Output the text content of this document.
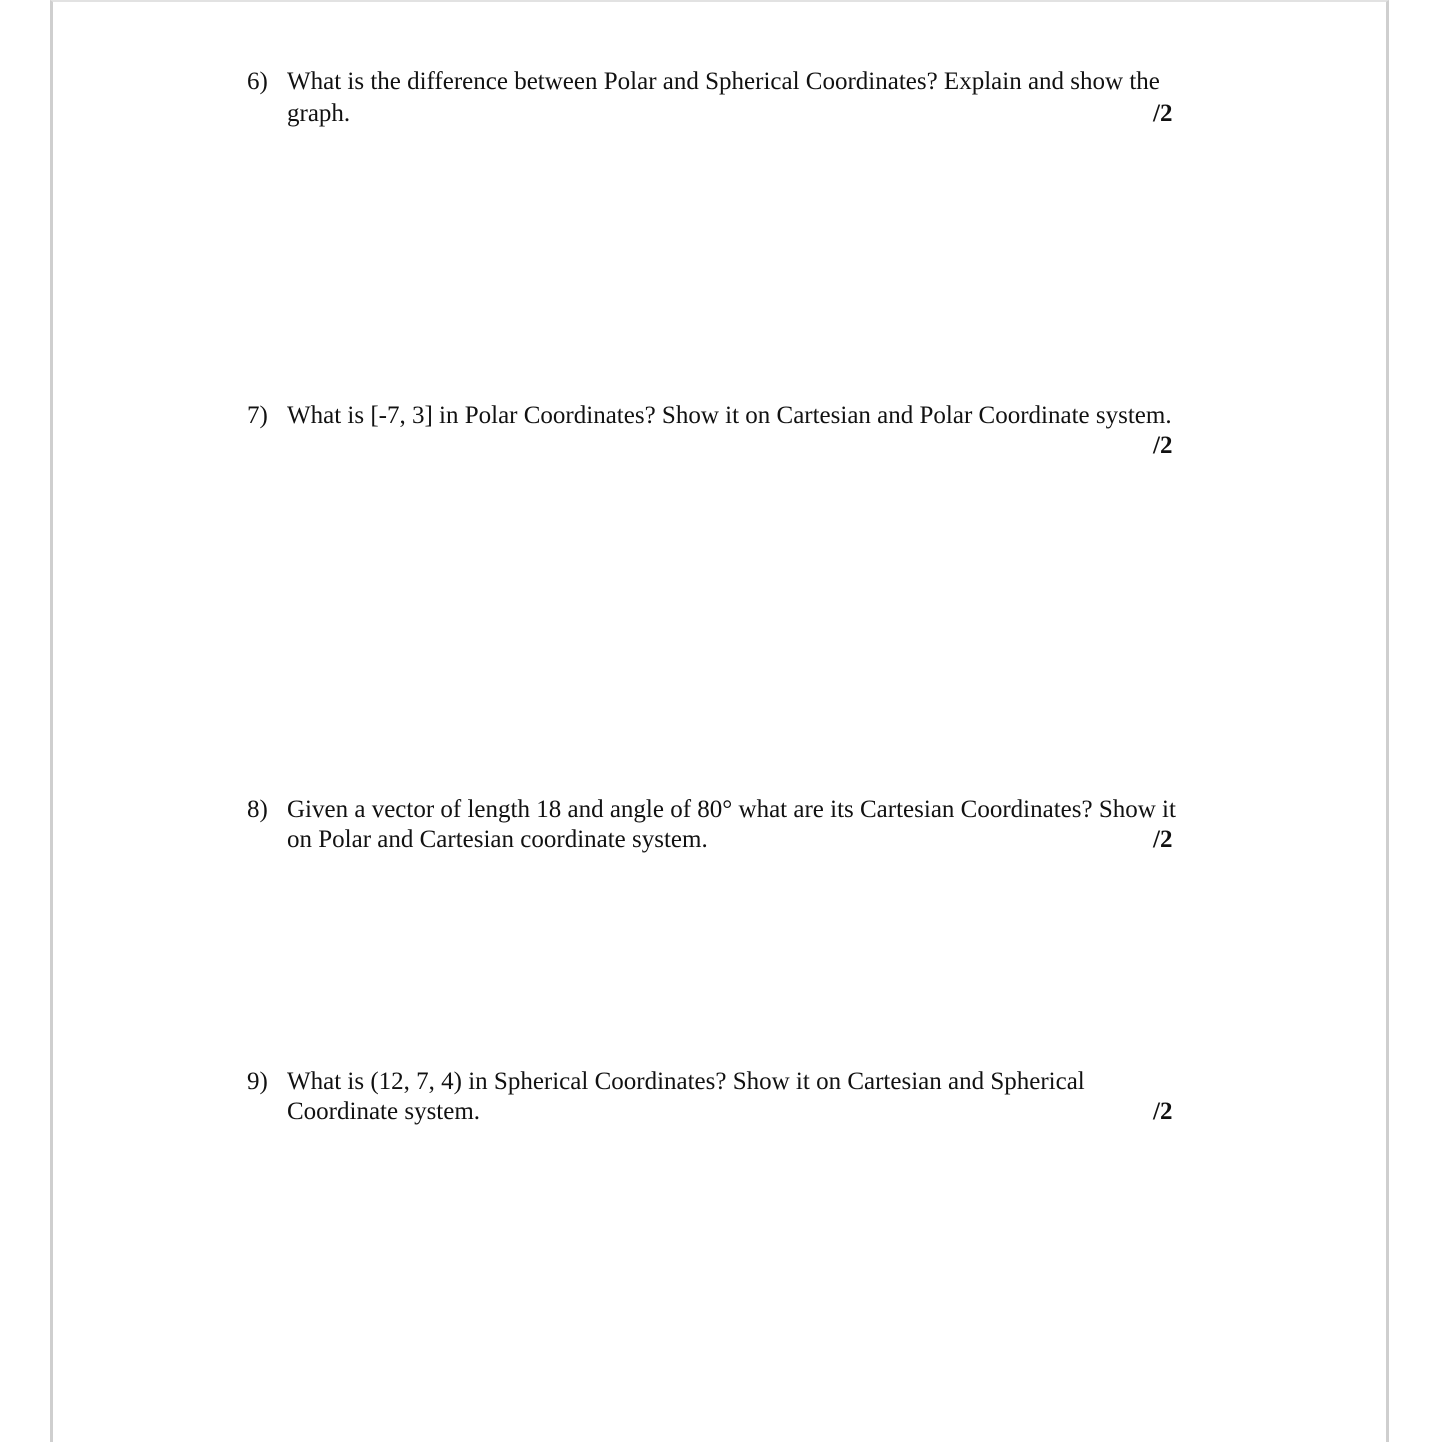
6) What is the difference between Polar and Spherical Coordinates? Explain and show the
graph.	/2
7) What is [-7, 3] in Polar Coordinates? Show it on Cartesian and Polar Coordinate system.
/2
8) Given a vector of length 18 and angle of 80° what are its Cartesian Coordinates? Show it
on Polar and Cartesian coordinate system.	/2
9) What is (12, 7, 4) in Spherical Coordinates? Show it on Cartesian and Spherical
Coordinate system.	/2
